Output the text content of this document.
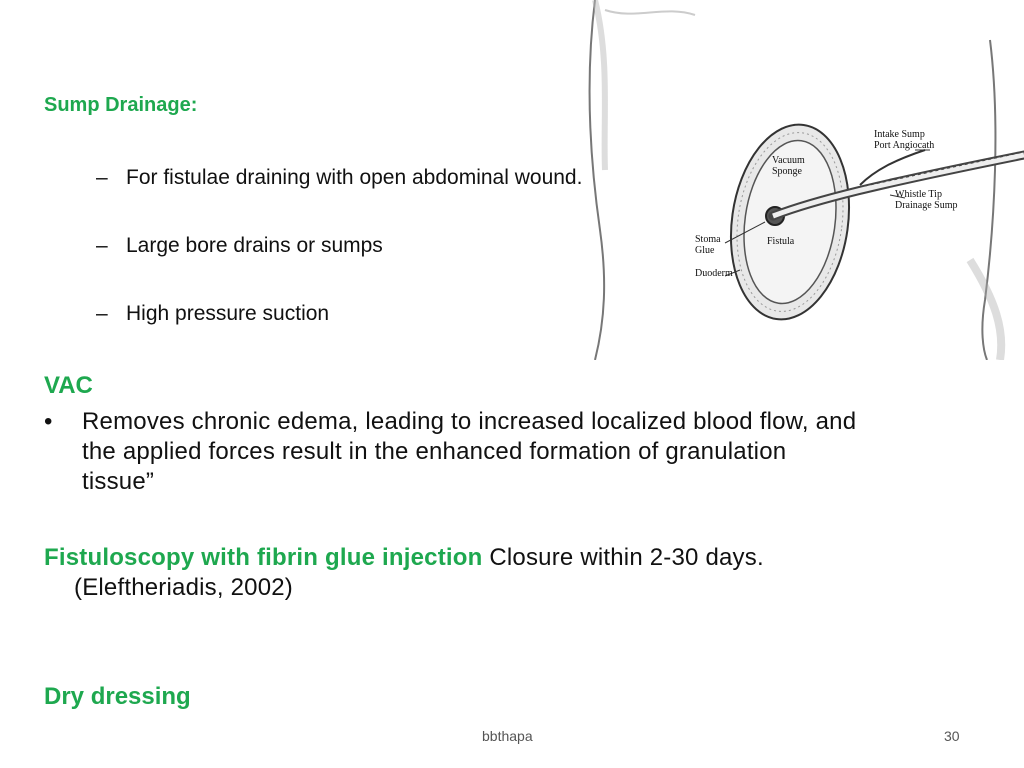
Intake Sump
Port Angiocath
Vacuum
Sponge
Whistle Tip
Drainage Sump
Stoma
Glue
Fistula
Duoderm
Sump Drainage:
– For fistulae draining with open abdominal wound.
– Large bore drains or sumps
– High pressure suction
VAC
• Removes chronic edema, leading to increased localized blood flow, and
the applied forces result in the enhanced formation of granulation
tissue”
Fistuloscopy with fibrin glue injection Closure within 2-30 days.
(Eleftheriadis, 2002)
Dry dressing
bbthapa	30
